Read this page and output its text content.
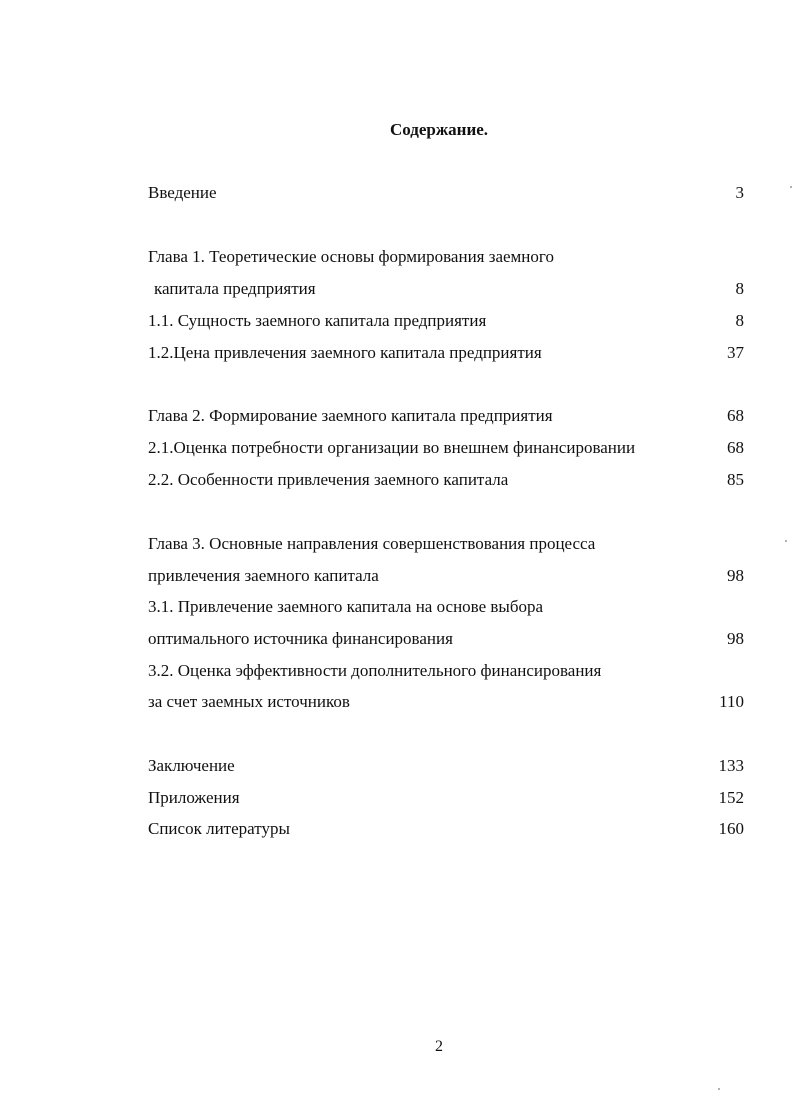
Содержание.
Введение	3
Глава 1. Теоретические основы формирования заемного
капитала предприятия	8
1.1. Сущность заемного капитала предприятия	8
1.2.Цена привлечения заемного капитала предприятия	37
Глава 2. Формирование заемного капитала предприятия	68
2.1.Оценка потребности организации во внешнем финансировании	68
2.2. Особенности привлечения заемного капитала	85
Глава 3. Основные направления совершенствования процесса
привлечения заемного капитала	98
3.1. Привлечение заемного капитала на основе выбора
оптимального источника финансирования	98
3.2. Оценка эффективности дополнительного финансирования
за счет заемных источников	110
Заключение	133
Приложения	152
Список литературы	160
2
